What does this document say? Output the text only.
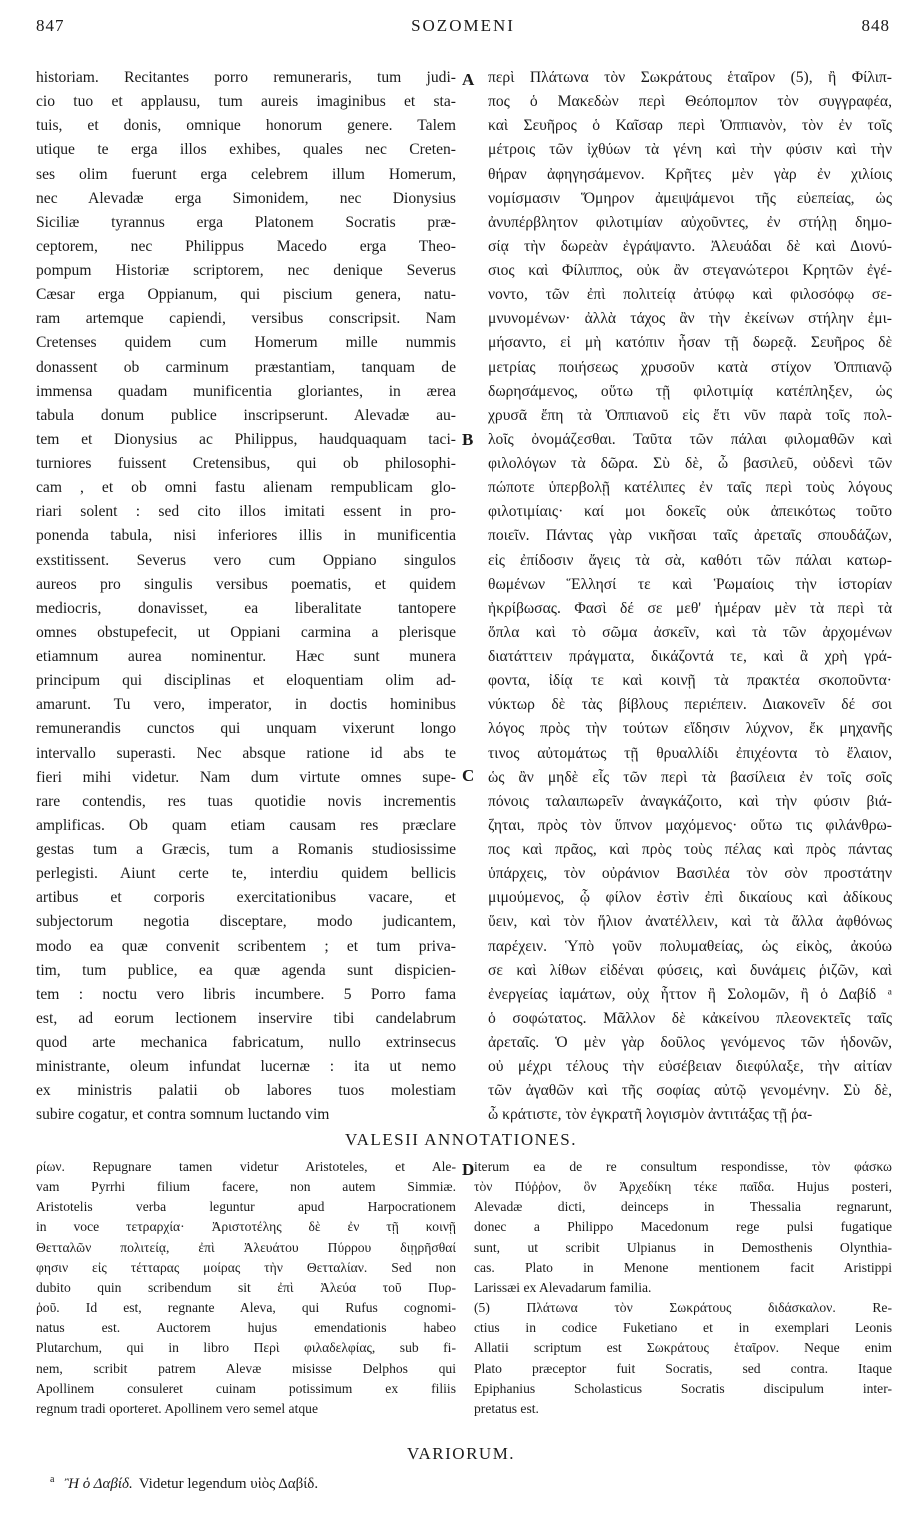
847	SOZOMENI	848
historiam. Recitantes porro remuneraris, tum judi-
cio tuo et applausu, tum aureis imaginibus et sta-
tuis, et donis, omnique honorum genere. Talem
utique te erga illos exhibes, quales nec Creten-
ses olim fuerunt erga celebrem illum Homerum,
nec Alevadæ erga Simonidem, nec Dionysius
Siciliæ tyrannus erga Platonem Socratis præ-
ceptorem, nec Philippus Macedo erga Theo-
pompum Historiæ scriptorem, nec denique Severus
Cæsar erga Oppianum, qui piscium genera, natu-
ram artemque capiendi, versibus conscripsit. Nam
Cretenses quidem cum Homerum mille nummis
donassent ob carminum præstantiam, tanquam de
immensa quadam munificentia gloriantes, in ærea
tabula donum publice inscripserunt. Alevadæ au-
tem et Dionysius ac Philippus, haudquaquam taci-
turniores fuissent Cretensibus, qui ob philosophi-
cam , et ob omni fastu alienam rempublicam glo-
riari solent : sed cito illos imitati essent in pro-
ponenda tabula, nisi inferiores illis in munificentia
exstitissent. Severus vero cum Oppiano singulos
aureos pro singulis versibus poematis, et quidem
mediocris, donavisset, ea liberalitate tantopere
omnes obstupefecit, ut Oppiani carmina a plerisque
etiamnum aurea nominentur. Hæc sunt munera
principum qui disciplinas et eloquentiam olim ad-
amarunt. Tu vero, imperator, in doctis hominibus
remunerandis cunctos qui unquam vixerunt longo
intervallo superasti. Nec absque ratione id abs te
fieri mihi videtur. Nam dum virtute omnes supe-
rare contendis, res tuas quotidie novis incrementis
amplificas. Ob quam etiam causam res præclare
gestas tum a Græcis, tum a Romanis studiosissime
perlegisti. Aiunt certe te, interdiu quidem bellicis
artibus et corporis exercitationibus vacare, et
subjectorum negotia disceptare, modo judicantem,
modo ea quæ convenit scribentem ; et tum priva-
tim, tum publice, ea quæ agenda sunt dispicien-
tem : noctu vero libris incumbere. 5 Porro fama
est, ad eorum lectionem inservire tibi candelabrum
quod arte mechanica fabricatum, nullo extrinsecus
ministrante, oleum infundat lucernæ : ita ut nemo
ex ministris palatii ob labores tuos molestiam
subire cogatur, et contra somnum luctando vim
περὶ Πλάτωνα τὸν Σωκράτους ἑταῖρον (5), ἢ Φίλιπ-
πος ὁ Μακεδὼν περὶ Θεόπομπον τὸν συγγραφέα,
καὶ Σευῆρος ὁ Καῖσαρ περὶ Ὀππιανὸν, τὸν ἐν τοῖς
μέτροις τῶν ἰχθύων τὰ γένη καὶ τὴν φύσιν καὶ τὴν
θήραν ἀφηγησάμενον. Κρῆτες μὲν γὰρ ἐν χιλίοις
νομίσμασιν Ὅμηρον ἀμειψάμενοι τῆς εὐεπείας, ὡς
ἀνυπέρβλητον φιλοτιμίαν αὐχοῦντες, ἐν στήλῃ δημο-
σίᾳ τὴν δωρεὰν ἐγράψαντο. Ἀλευάδαι δὲ καὶ Διονύ-
σιος καὶ Φίλιππος, οὐκ ἂν στεγανώτεροι Κρητῶν ἐγέ-
νοντο, τῶν ἐπὶ πολιτείᾳ ἀτύφῳ καὶ φιλοσόφῳ σε-
μνυνομένων· ἀλλὰ τάχος ἂν τὴν ἐκείνων στήλην ἐμι-
μήσαντο, εἰ μὴ κατόπιν ἦσαν τῇ δωρεᾷ. Σευῆρος δὲ
μετρίας ποιήσεως χρυσοῦν κατὰ στίχον Ὀππιανῷ
δωρησάμενος, οὕτω τῇ φιλοτιμίᾳ κατέπληξεν, ὡς
χρυσᾶ ἔπη τὰ Ὀππιανοῦ εἰς ἔτι νῦν παρὰ τοῖς πολ-
λοῖς ὀνομάζεσθαι. Ταῦτα τῶν πάλαι φιλομαθῶν καὶ
φιλολόγων τὰ δῶρα. Σὺ δὲ, ὦ βασιλεῦ, οὐδενὶ τῶν
πώποτε ὑπερβολῇ κατέλιπες ἐν ταῖς περὶ τοὺς λόγους
φιλοτιμίαις· καί μοι δοκεῖς οὐκ ἀπεικότως τοῦτο
ποιεῖν. Πάντας γὰρ νικῆσαι ταῖς ἀρεταῖς σπουδάζων,
εἰς ἐπίδοσιν ἄγεις τὰ σὰ, καθότι τῶν πάλαι κατωρ-
θωμένων Ἕλλησί τε καὶ Ῥωμαίοις τὴν ἱστορίαν
ἠκρίβωσας. Φασὶ δέ σε μεθ' ἡμέραν μὲν τὰ περὶ τὰ
ὅπλα καὶ τὸ σῶμα ἀσκεῖν, καὶ τὰ τῶν ἀρχομένων
διατάττειν πράγματα, δικάζοντά τε, καὶ ἃ χρὴ γρά-
φοντα, ἰδίᾳ τε καὶ κοινῇ τὰ πρακτέα σκοποῦντα·
νύκτωρ δὲ τὰς βίβλους περιέπειν. Διακονεῖν δέ σοι
λόγος πρὸς τὴν τούτων εἴδησιν λύχνον, ἔκ μηχανῆς
τινος αὐτομάτως τῇ θρυαλλίδι ἐπιχέοντα τὸ ἔλαιον,
ὡς ἂν μηδὲ εἷς τῶν περὶ τὰ βασίλεια ἐν τοῖς σοῖς
πόνοις ταλαιπωρεῖν ἀναγκάζοιτο, καὶ τὴν φύσιν βιά-
ζηται, πρὸς τὸν ὕπνον μαχόμενος· οὕτω τις φιλάνθρω-
πος καὶ πρᾶος, καὶ πρὸς τοὺς πέλας καὶ πρὸς πάντας
ὑπάρχεις, τὸν οὐράνιον Βασιλέα τὸν σὸν προστάτην
μιμούμενος, ᾧ φίλον ἐστὶν ἐπὶ δικαίους καὶ ἀδίκους
ὕειν, καὶ τὸν ἥλιον ἀνατέλλειν, καὶ τὰ ἄλλα ἀφθόνως
παρέχειν. Ὑπὸ γοῦν πολυμαθείας, ὡς εἰκὸς, ἀκούω
σε καὶ λίθων εἰδέναι φύσεις, καὶ δυνάμεις ῥιζῶν, καὶ
ἐνεργείας ἰαμάτων, οὐχ ἧττον ἢ Σολομῶν, ἢ ὁ Δαβίδ ᵃ
ὁ σοφώτατος. Μᾶλλον δὲ κἀκείνου πλεονεκτεῖς ταῖς
ἀρεταῖς. Ὁ μὲν γὰρ δοῦλος γενόμενος τῶν ἡδονῶν,
οὐ μέχρι τέλους τὴν εὐσέβειαν διεφύλαξε, τὴν αἰτίαν
τῶν ἀγαθῶν καὶ τῆς σοφίας αὐτῷ γενομένην. Σὺ δὲ,
ὦ κράτιστε, τὸν ἐγκρατῆ λογισμὸν ἀντιτάξας τῇ ῥα-
A
B
C
D
VALESII ANNOTATIONES.
ρίων. Repugnare tamen videtur Aristoteles, et Ale-
vam Pyrrhi filium facere, non autem Simmiæ.
Aristotelis verba leguntur apud Harpocrationem
in voce τετραρχία· Ἀριστοτέλης δὲ ἐν τῇ κοινῇ
Θετταλῶν πολιτείᾳ, ἐπὶ Ἀλευάτου Πύρρου διῃρῆσθαί
φησιν εἰς τέτταρας μοίρας τὴν Θετταλίαν. Sed non
dubito quin scribendum sit ἐπὶ Ἀλεύα τοῦ Πυρ-
ῥοῦ. Id est, regnante Aleva, qui Rufus cognomi-
natus est. Auctorem hujus emendationis habeo
Plutarchum, qui in libro Περὶ φιλαδελφίας, sub fi-
nem, scribit patrem Alevæ misisse Delphos qui
Apollinem consuleret cuinam potissimum ex filiis
regnum tradi oporteret. Apollinem vero semel atque
iterum ea de re consultum respondisse, τὸν φάσκω
τὸν Πύῤῥον, ὃν Ἀρχεδίκη τέκε παῖδα. Hujus posteri,
Alevadæ dicti, deinceps in Thessalia regnarunt,
donec a Philippo Macedonum rege pulsi fugatique
sunt, ut scribit Ulpianus in Demosthenis Olynthia-
cas. Plato in Menone mentionem facit Aristippi
Larissæi ex Alevadarum familia.
(5) Πλάτωνα τὸν Σωκράτους διδάσκαλον. Re-
ctius in codice Fuketiano et in exemplari Leonis
Allatii scriptum est Σωκράτους ἑταῖρον. Neque enim
Plato præceptor fuit Socratis, sed contra. Itaque
Epiphanius Scholasticus Socratis discipulum inter-
pretatus est.
VARIORUM.
$^a$ Ἢ ὁ Δαβίδ. Videtur legendum υἱὸς Δαβίδ.
